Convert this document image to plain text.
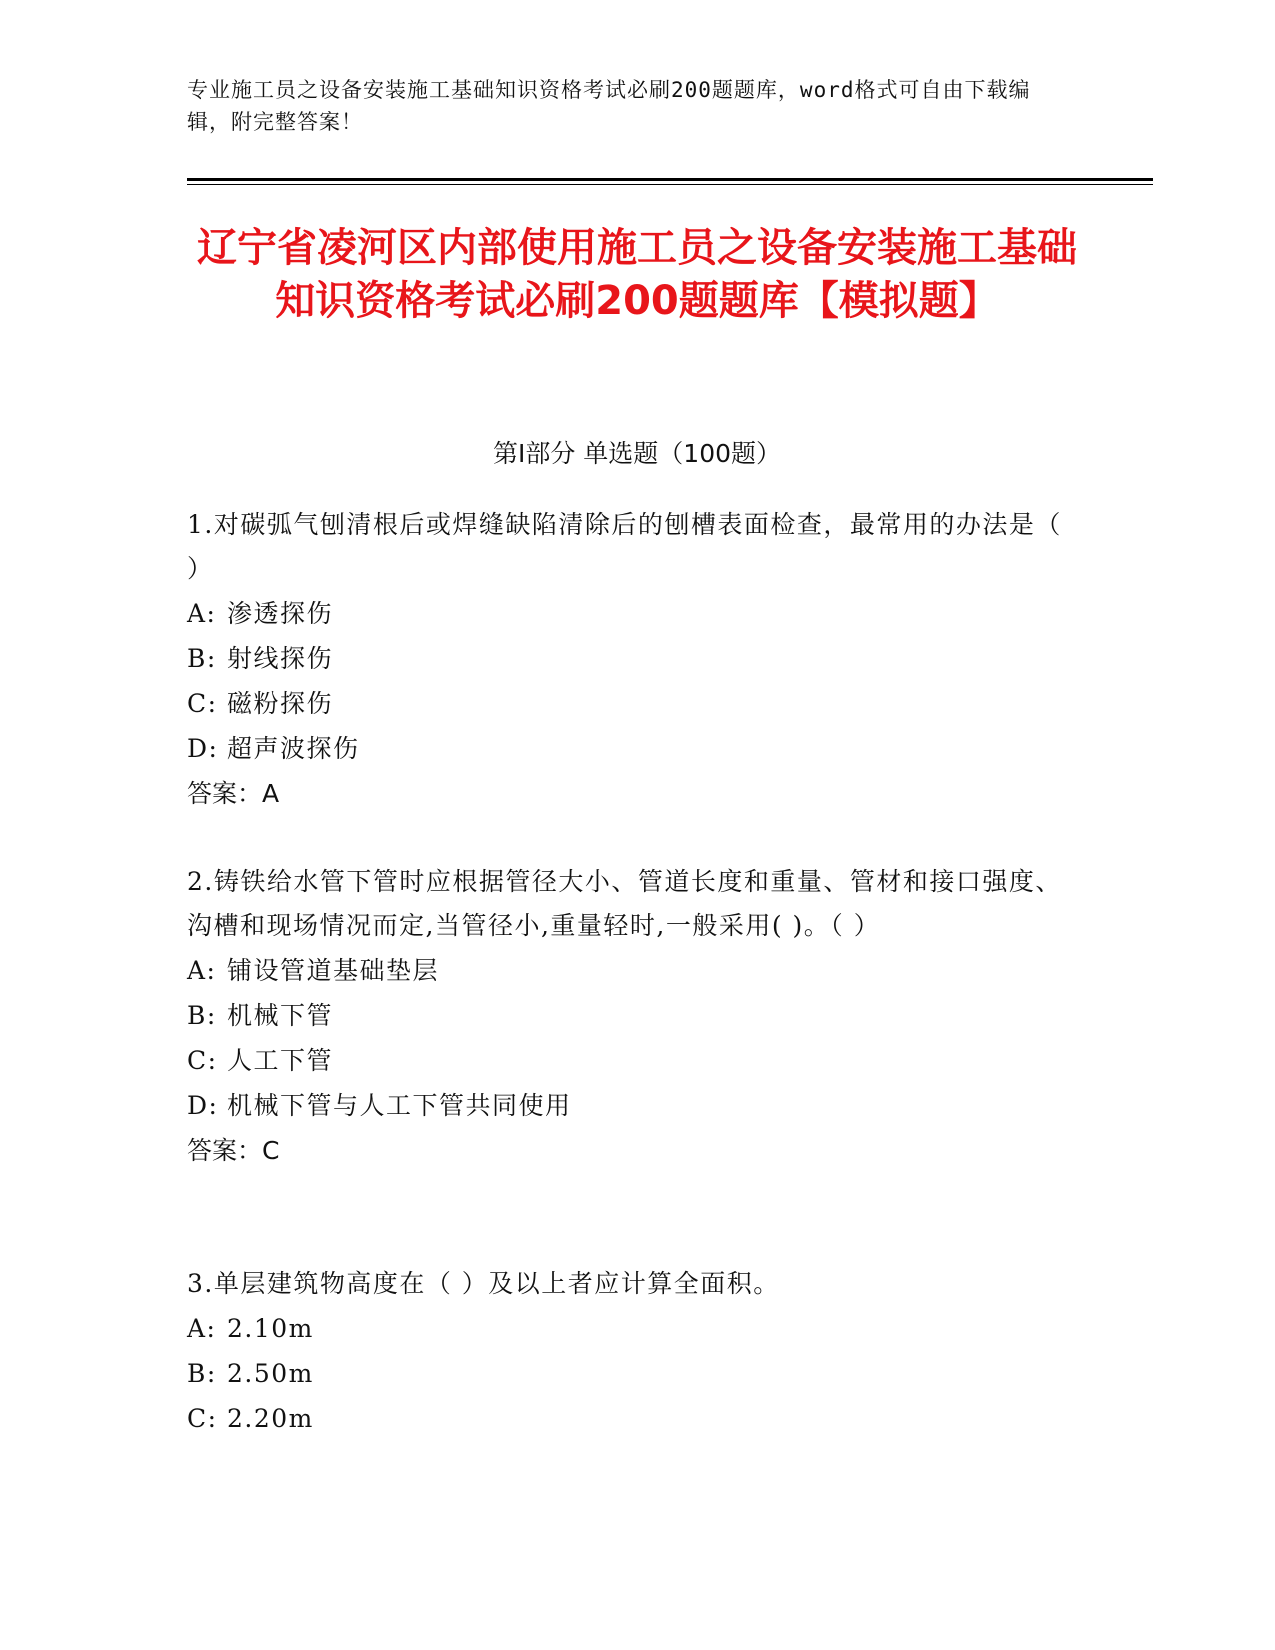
专业施工员之设备安装施工基础知识资格考试必刷200题题库，word格式可自由下载编辑，附完整答案！
辽宁省凌河区内部使用施工员之设备安装施工基础知识资格考试必刷200题题库【模拟题】
第I部分 单选题（100题）

1.对碳弧气刨清根后或焊缝缺陷清除后的刨槽表面检查，最常用的办法是（ ）

A: 渗透探伤

B: 射线探伤

C: 磁粉探伤

D: 超声波探伤

答案：A

2.铸铁给水管下管时应根据管径大小、管道长度和重量、管材和接口强度、沟槽和现场情况而定,当管径小,重量轻时,一般采用( )。（ ）

A: 铺设管道基础垫层

B: 机械下管

C: 人工下管

D: 机械下管与人工下管共同使用

答案：C

3.单层建筑物高度在（ ）及以上者应计算全面积。

A: 2.10m

B: 2.50m

C: 2.20m
